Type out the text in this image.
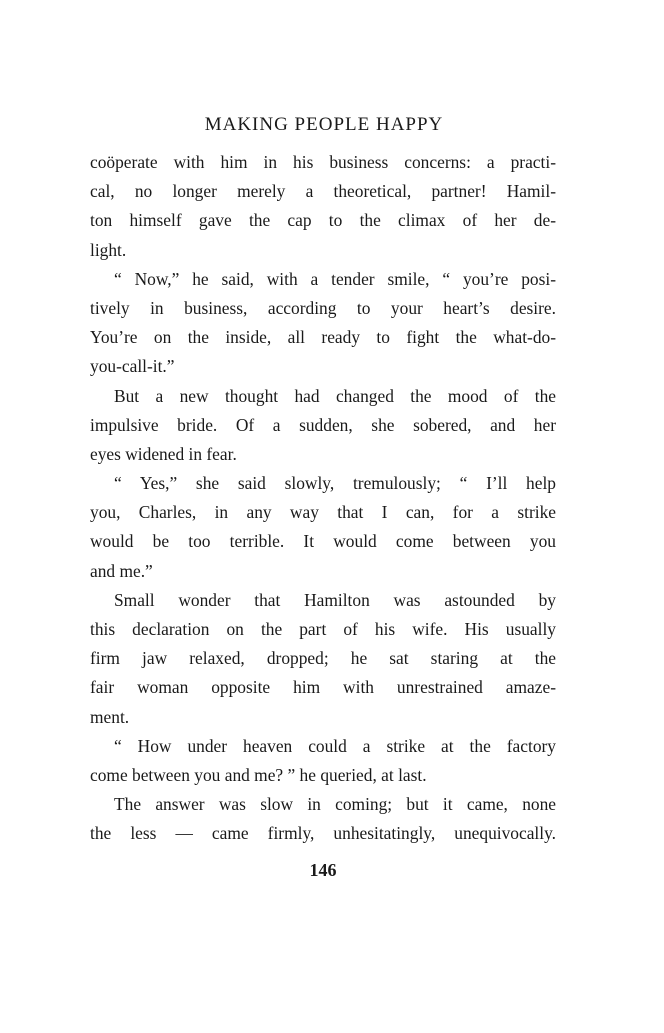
MAKING PEOPLE HAPPY
coöperate with him in his business concerns: a practi-
cal, no longer merely a theoretical, partner! Hamil-
ton himself gave the cap to the climax of her de-
light.
“ Now,” he said, with a tender smile, “ you’re posi-
tively in business, according to your heart’s desire.
You’re on the inside, all ready to fight the what-do-
you-call-it.”
But a new thought had changed the mood of the
impulsive bride. Of a sudden, she sobered, and her
eyes widened in fear.
“ Yes,” she said slowly, tremulously; “ I’ll help
you, Charles, in any way that I can, for a strike
would be too terrible. It would come between you
and me.”
Small wonder that Hamilton was astounded by
this declaration on the part of his wife. His usually
firm jaw relaxed, dropped; he sat staring at the
fair woman opposite him with unrestrained amaze-
ment.
“ How under heaven could a strike at the factory
come between you and me? ” he queried, at last.
The answer was slow in coming; but it came, none
the less — came firmly, unhesitatingly, unequivocally.
146
